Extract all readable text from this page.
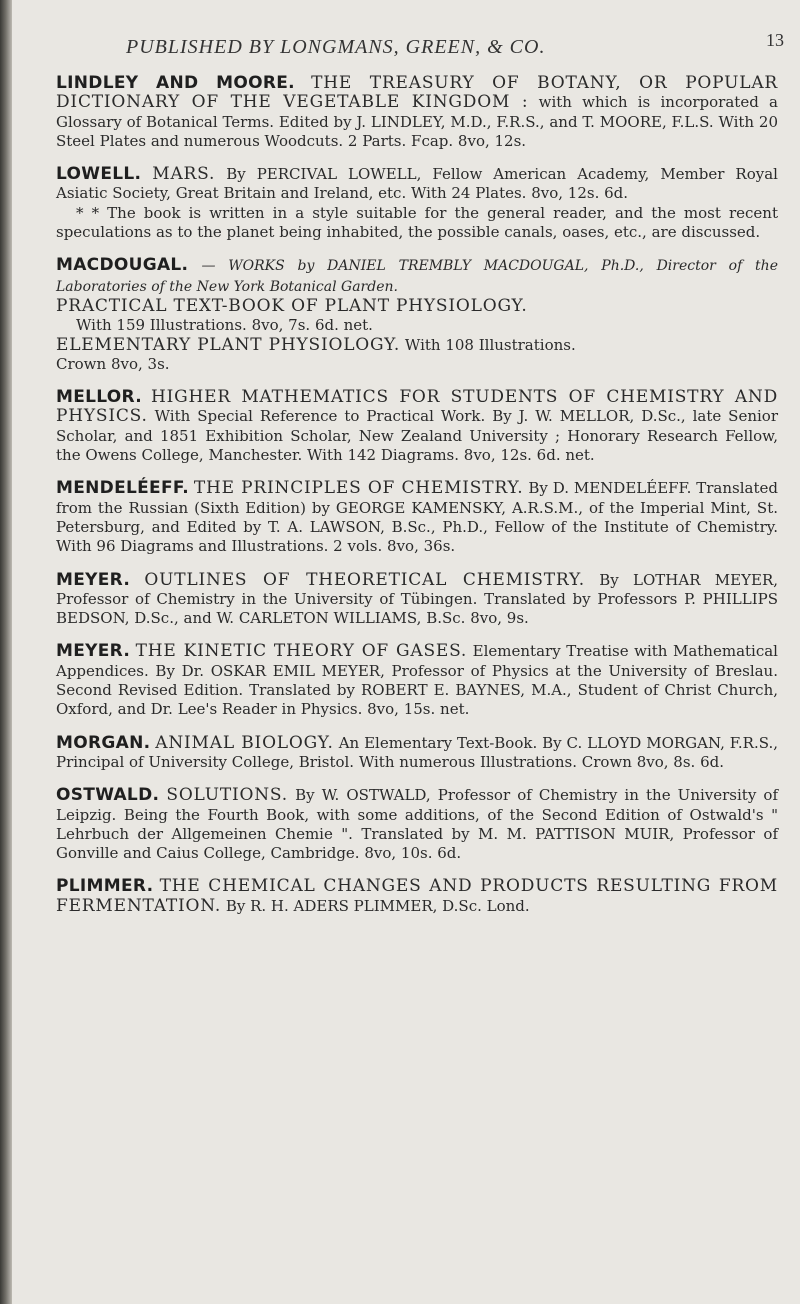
PUBLISHED BY LONGMANS, GREEN, & CO.	13

LINDLEY AND MOORE. THE TREASURY OF BOTANY, OR POPULAR DICTIONARY OF THE VEGETABLE KINGDOM : with which is incorporated a Glossary of Botanical Terms. Edited by J. LINDLEY, M.D., F.R.S., and T. MOORE, F.L.S. With 20 Steel Plates and numerous Woodcuts. 2 Parts. Fcap. 8vo, 12s.

LOWELL. MARS. By PERCIVAL LOWELL, Fellow American Academy, Member Royal Asiatic Society, Great Britain and Ireland, etc. With 24 Plates. 8vo, 12s. 6d.

* * The book is written in a style suitable for the general reader, and the most recent speculations as to the planet being inhabited, the possible canals, oases, etc., are discussed.

MACDOUGAL. — WORKS by DANIEL TREMBLY MACDOUGAL, Ph.D., Director of the Laboratories of the New York Botanical Garden.

PRACTICAL TEXT-BOOK OF PLANT PHYSIOLOGY.

With 159 Illustrations. 8vo, 7s. 6d. net.

ELEMENTARY PLANT PHYSIOLOGY. With 108 Illustrations.

Crown 8vo, 3s.

MELLOR. HIGHER MATHEMATICS FOR STUDENTS OF CHEMISTRY AND PHYSICS. With Special Reference to Practical Work. By J. W. MELLOR, D.Sc., late Senior Scholar, and 1851 Exhibition Scholar, New Zealand University ; Honorary Research Fellow, the Owens College, Manchester. With 142 Diagrams. 8vo, 12s. 6d. net.

MENDELÉEFF. THE PRINCIPLES OF CHEMISTRY. By D. MENDELÉEFF. Translated from the Russian (Sixth Edition) by GEORGE KAMENSKY, A.R.S.M., of the Imperial Mint, St. Petersburg, and Edited by T. A. LAWSON, B.Sc., Ph.D., Fellow of the Institute of Chemistry. With 96 Diagrams and Illustrations. 2 vols. 8vo, 36s.

MEYER. OUTLINES OF THEORETICAL CHEMISTRY. By LOTHAR MEYER, Professor of Chemistry in the University of Tübingen. Translated by Professors P. PHILLIPS BEDSON, D.Sc., and W. CARLETON WILLIAMS, B.Sc. 8vo, 9s.

MEYER. THE KINETIC THEORY OF GASES. Elementary Treatise with Mathematical Appendices. By Dr. OSKAR EMIL MEYER, Professor of Physics at the University of Breslau. Second Revised Edition. Translated by ROBERT E. BAYNES, M.A., Student of Christ Church, Oxford, and Dr. Lee's Reader in Physics. 8vo, 15s. net.

MORGAN. ANIMAL BIOLOGY. An Elementary Text-Book. By C. LLOYD MORGAN, F.R.S., Principal of University College, Bristol. With numerous Illustrations. Crown 8vo, 8s. 6d.

OSTWALD. SOLUTIONS. By W. OSTWALD, Professor of Chemistry in the University of Leipzig. Being the Fourth Book, with some additions, of the Second Edition of Ostwald's " Lehrbuch der Allgemeinen Chemie ". Translated by M. M. PATTISON MUIR, Professor of Gonville and Caius College, Cambridge. 8vo, 10s. 6d.

PLIMMER. THE CHEMICAL CHANGES AND PRODUCTS RESULTING FROM FERMENTATION. By R. H. ADERS PLIMMER, D.Sc. Lond.
